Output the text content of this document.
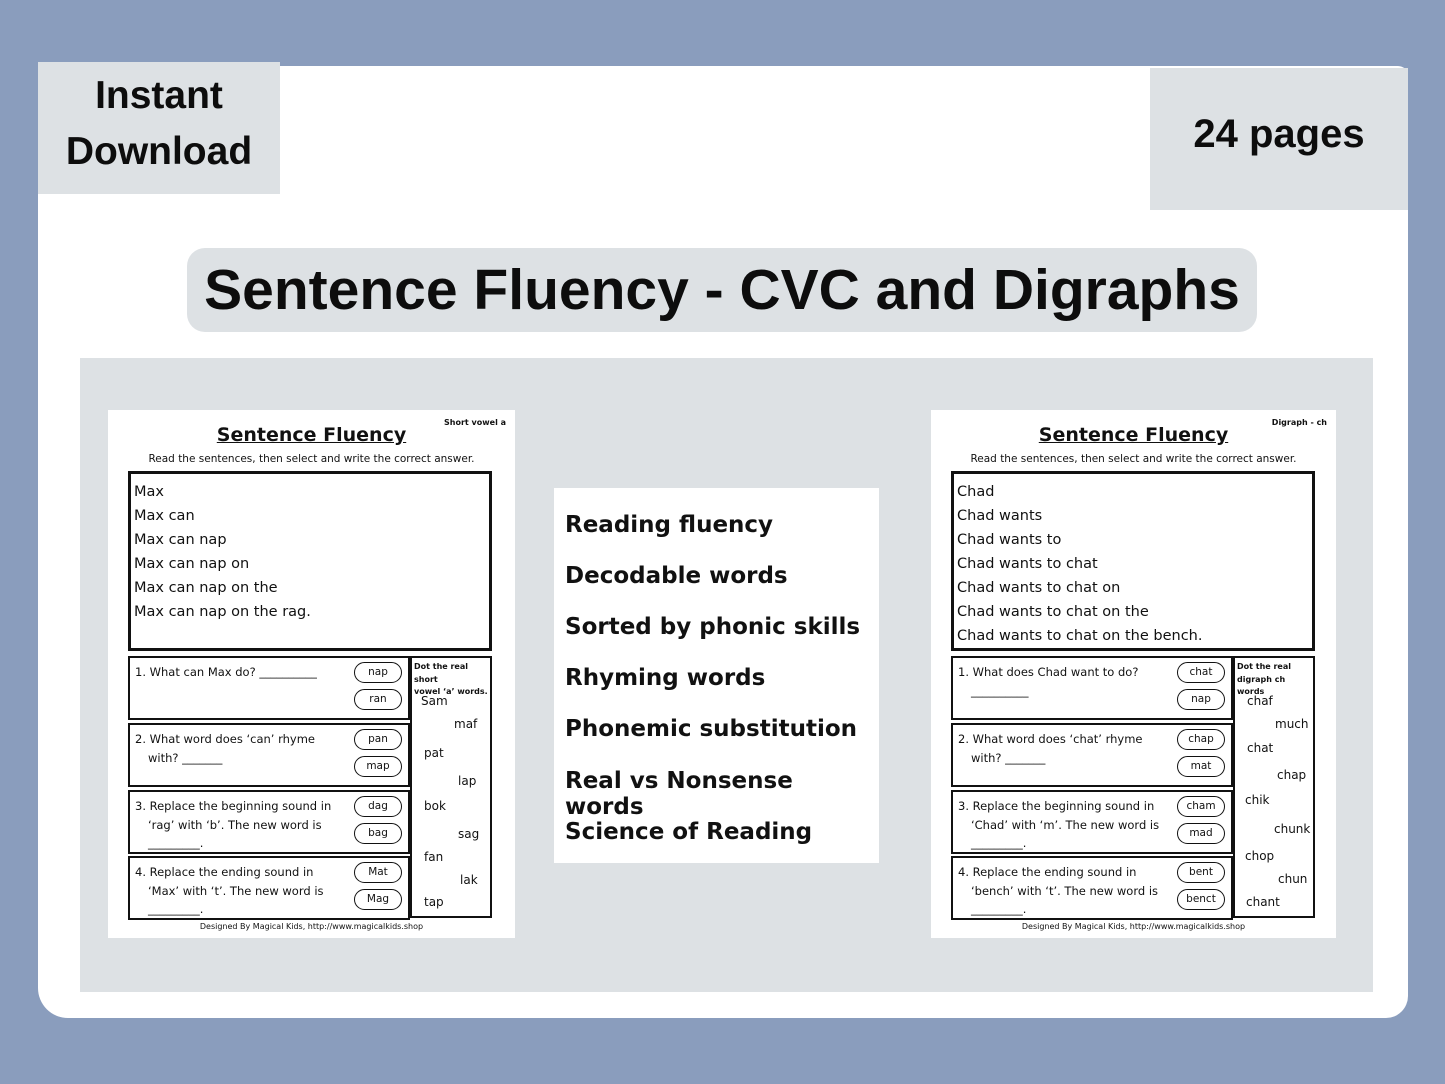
Instant
Download	24 pages
Sentence Fluency - CVC and Digraphs
Sentence Fluency
Short vowel a
Read the sentences, then select and write the correct answer.
Max
Max can
Max can nap
Max can nap on
Max can nap on the
Max can nap on the rag.
1. What can Max do? __________	nap
ran
2. What word does ‘can’ rhyme with? _______
pan
map
3. Replace the beginning sound in ‘rag’ with ‘b’. The new word is _________.
dag
bag
4. Replace the ending sound in ‘Max’ with ‘t’. The new word is _________.
Mat
Mag
Dot the real short
vowel ‘a’ words.
Sam
maf
pat
lap
bok
sag
fan
lak
tap
Designed By Magical Kids, http://www.magicalkids.shop
Reading fluency
Decodable words
Sorted by phonic skills
Rhyming words
Phonemic substitution
Real vs Nonsense words
Science of Reading
Sentence Fluency
Digraph - ch
Read the sentences, then select and write the correct answer.
Chad
Chad wants
Chad wants to
Chad wants to chat
Chad wants to chat on
Chad wants to chat on the
Chad wants to chat on the bench.
1. What does Chad want to do? __________
chat
nap
2. What word does ‘chat’ rhyme with? _______
chap
mat
3. Replace the beginning sound in ‘Chad’ with ‘m’. The new word is _________.
cham
mad
4. Replace the ending sound in ‘bench’ with ‘t’. The new word is _________.
bent
benct
Dot the real
digraph ch words
chaf
much
chat
chap
chik
chunk
chop
chun
chant
Designed By Magical Kids, http://www.magicalkids.shop
